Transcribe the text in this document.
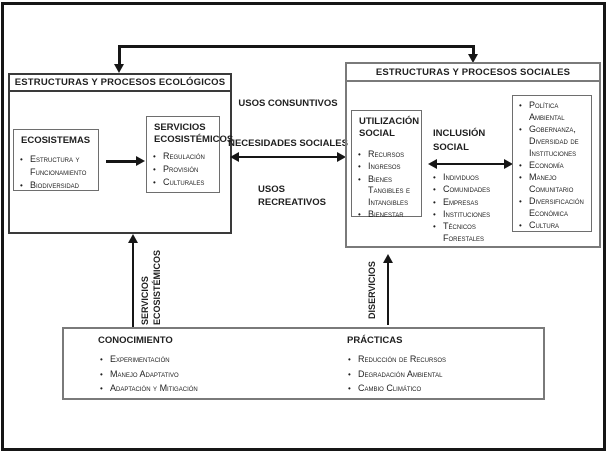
ESTRUCTURAS Y PROCESOS ECOLÓGICOS
ECOSISTEMAS
• Estructura y Funcionamiento
• Biodiversidad
SERVICIOS ECOSISTÉMICOS
• Regulación
• Provisión
• Culturales
USOS CONSUNTIVOS
NECESIDADES SOCIALES
USOS RECREATIVOS
ESTRUCTURAS Y PROCESOS SOCIALES
UTILIZACIÓN SOCIAL
• Recursos
• Ingresos
• Bienes Tangibles e Intangibles
• Bienestar
INCLUSIÓN SOCIAL
• Individuos
• Comunidades
• Empresas
• Instituciones
• Técnicos Forestales
• Política Ambiental
• Gobernanza, Diversidad de Instituciones
• Economía
• Manejo Comunitario
• Diversificación Económica
• Cultura
SERVICIOS ECOSISTÉMICOS	DISERVICIOS
CONOCIMIENTO
• Experimentación
• Manejo Adaptativo
• Adaptación y Mitigación
PRÁCTICAS
• Reducción de Recursos
• Degradación Ambiental
• Cambio Climático
